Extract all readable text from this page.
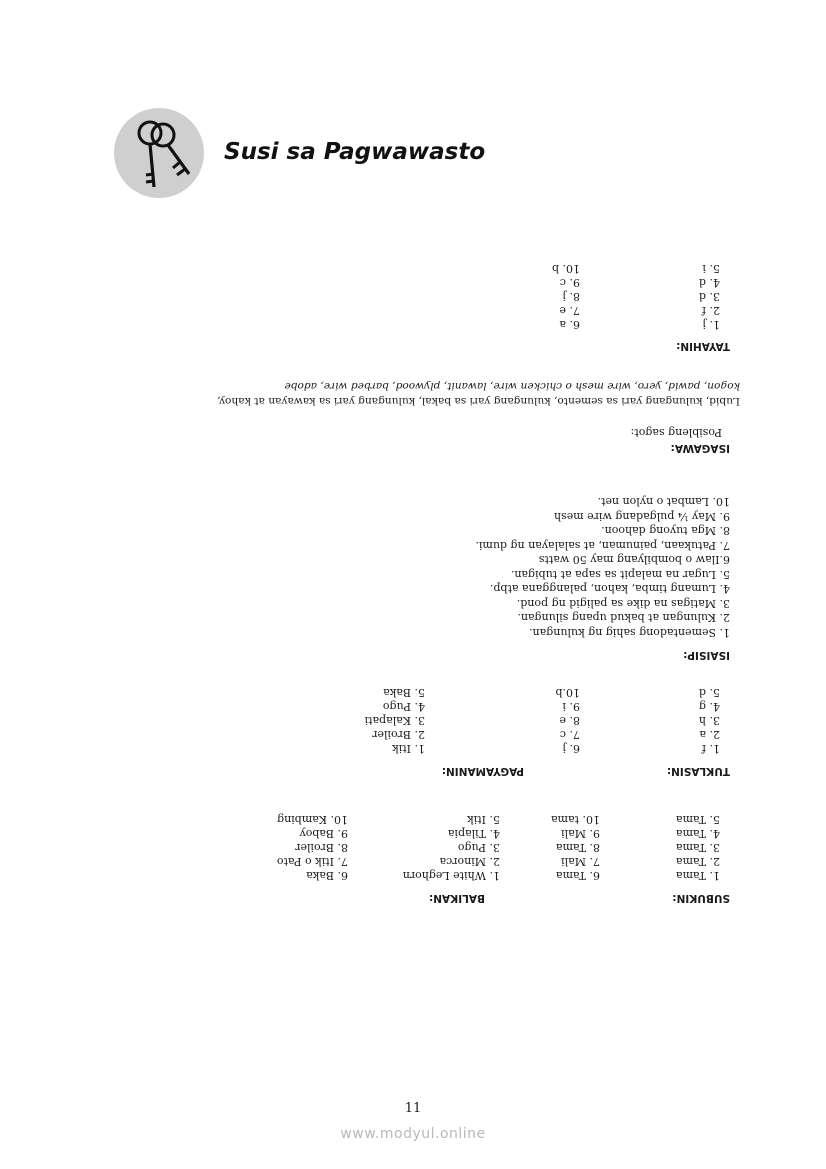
Susi sa Pagwawasto
SUBUKIN:
BALIKAN:
1. Tama
2. Tama
3. Tama
4. Tama
5. Tama
6. Tama
7. Mali
8. Tama
9. Mali
10. tama
1. White Leghorn
2. Minorca
3. Pugo
4. Tilapia
5. Itik
6. Baka
7. Itik o Pato
8. Broiler
9. Baboy
10. Kambing
TUKLASIN:
PAGYAMANIN:
1. f
2. a
3. h
4. g
5. d
6. j
7. c
8. e
9. i
10.b
1. Itik
2. Broiler
3. Kalapati
4. Pugo
5. Baka
ISAISIP:
1. Sementadong sahig ng kulungan.
2. Kulungan at bakud upang silungan.
3. Matigas na dike sa paligid ng pond.
4. Lumang timba, kahon, palanggana atbp.
5. Lugar na malapit sa sapa at tubigan.
6.Ilaw o bombilyang may 50 watts
7. Patukaan, painuman, at salalayan ng dumi.
8. Mga tuyong dahoon.
9. May ¼ pulgadang wire mesh
10. Lambat o nylon net.
ISAGAWA:
Posibleng sagot:
Lubid, kulungang yari sa semento, kulungang yari sa bakal, kulungang yari sa kawayan at kahoy,
kogon, pawid, yero, wire mesh o chicken wire, lawanit, plywood, barbed wire, adobe
TAYAHIN:
1. j
2. f
3. d
4. d
5. i
6. a
7. e
8. j
9. c
10. b
11
www.modyul.online
